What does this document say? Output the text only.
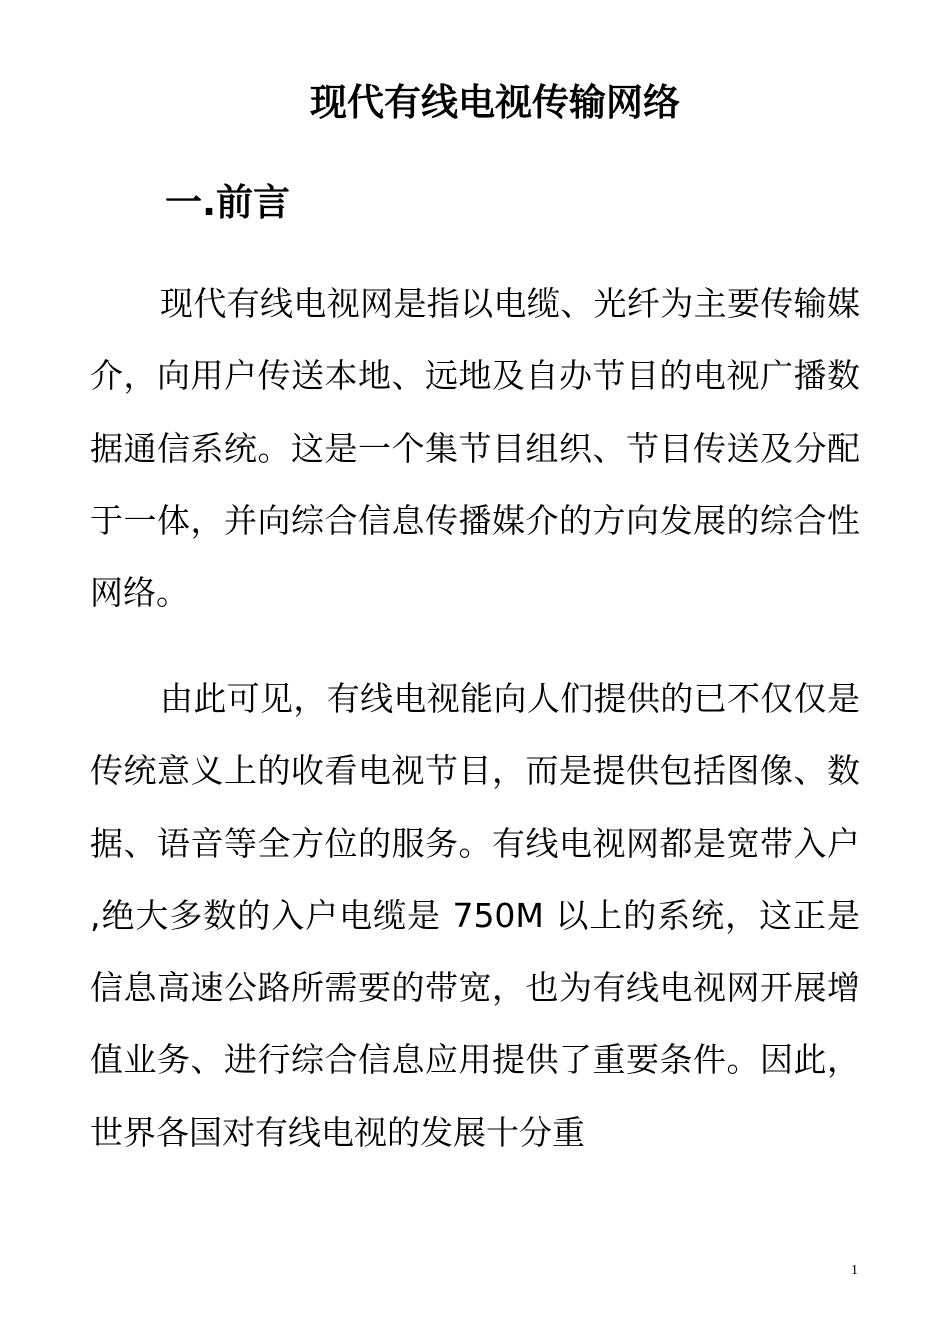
现代有线电视传输网络
一.前言

现代有线电视网是指以电缆、光纤为主要传输媒介，向用户传送本地、远地及自办节目的电视广播数据通信系统。这是一个集节目组织、节目传送及分配于一体，并向综合信息传播媒介的方向发展的综合性网络。

由此可见，有线电视能向人们提供的已不仅仅是传统意义上的收看电视节目，而是提供包括图像、数据、语音等全方位的服务。有线电视网都是宽带入户 ,绝大多数的入户电缆是 750M 以上的系统，这正是信息高速公路所需要的带宽，也为有线电视网开展增值业务、进行综合信息应用提供了重要条件。因此，世界各国对有线电视的发展十分重

1
